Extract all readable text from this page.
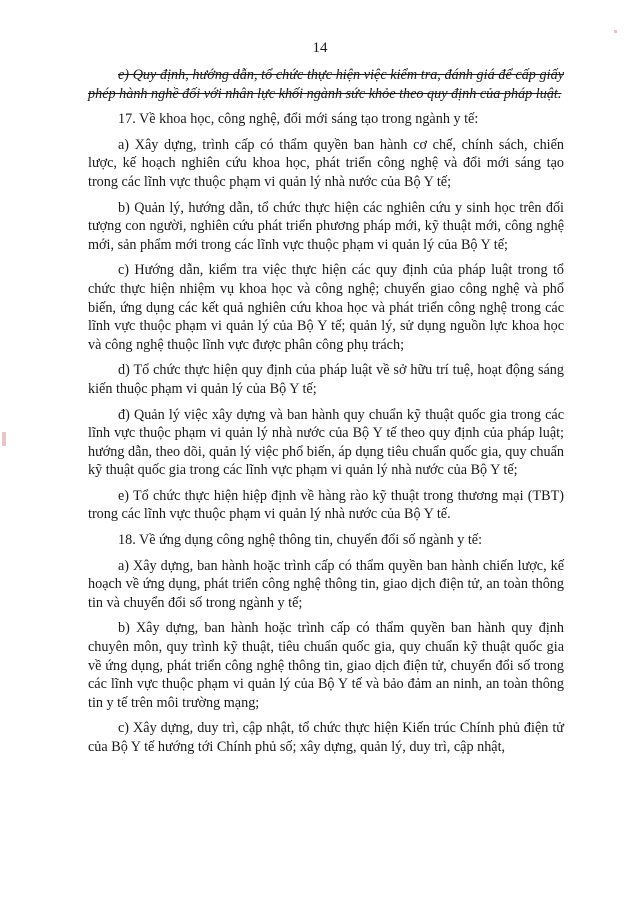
14

e) Quy định, hướng dẫn, tổ chức thực hiện việc kiểm tra, đánh giá để cấp giấy phép hành nghề đối với nhân lực khối ngành sức khỏe theo quy định của pháp luật.

17. Về khoa học, công nghệ, đổi mới sáng tạo trong ngành y tế:

a) Xây dựng, trình cấp có thẩm quyền ban hành cơ chế, chính sách, chiến lược, kế hoạch nghiên cứu khoa học, phát triển công nghệ và đổi mới sáng tạo trong các lĩnh vực thuộc phạm vi quản lý nhà nước của Bộ Y tế;

b) Quản lý, hướng dẫn, tổ chức thực hiện các nghiên cứu y sinh học trên đối tượng con người, nghiên cứu phát triển phương pháp mới, kỹ thuật mới, công nghệ mới, sản phẩm mới trong các lĩnh vực thuộc phạm vi quản lý của Bộ Y tế;

c) Hướng dẫn, kiểm tra việc thực hiện các quy định của pháp luật trong tổ chức thực hiện nhiệm vụ khoa học và công nghệ; chuyển giao công nghệ và phổ biến, ứng dụng các kết quả nghiên cứu khoa học và phát triển công nghệ trong các lĩnh vực thuộc phạm vi quản lý của Bộ Y tế; quản lý, sử dụng nguồn lực khoa học và công nghệ thuộc lĩnh vực được phân công phụ trách;

d) Tổ chức thực hiện quy định của pháp luật về sở hữu trí tuệ, hoạt động sáng kiến thuộc phạm vi quản lý của Bộ Y tế;

đ) Quản lý việc xây dựng và ban hành quy chuẩn kỹ thuật quốc gia trong các lĩnh vực thuộc phạm vi quản lý nhà nước của Bộ Y tế theo quy định của pháp luật; hướng dẫn, theo dõi, quản lý việc phổ biến, áp dụng tiêu chuẩn quốc gia, quy chuẩn kỹ thuật quốc gia trong các lĩnh vực phạm vi quản lý nhà nước của Bộ Y tế;

e) Tổ chức thực hiện hiệp định về hàng rào kỹ thuật trong thương mại (TBT) trong các lĩnh vực thuộc phạm vi quản lý nhà nước của Bộ Y tế.

18. Về ứng dụng công nghệ thông tin, chuyển đổi số ngành y tế:

a) Xây dựng, ban hành hoặc trình cấp có thẩm quyền ban hành chiến lược, kế hoạch về ứng dụng, phát triển công nghệ thông tin, giao dịch điện tử, an toàn thông tin và chuyển đổi số trong ngành y tế;

b) Xây dựng, ban hành hoặc trình cấp có thẩm quyền ban hành quy định chuyên môn, quy trình kỹ thuật, tiêu chuẩn quốc gia, quy chuẩn kỹ thuật quốc gia về ứng dụng, phát triển công nghệ thông tin, giao dịch điện tử, chuyển đổi số trong các lĩnh vực thuộc phạm vi quản lý của Bộ Y tế và bảo đảm an ninh, an toàn thông tin y tế trên môi trường mạng;

c) Xây dựng, duy trì, cập nhật, tổ chức thực hiện Kiến trúc Chính phủ điện tử của Bộ Y tế hướng tới Chính phủ số; xây dựng, quản lý, duy trì, cập nhật,
